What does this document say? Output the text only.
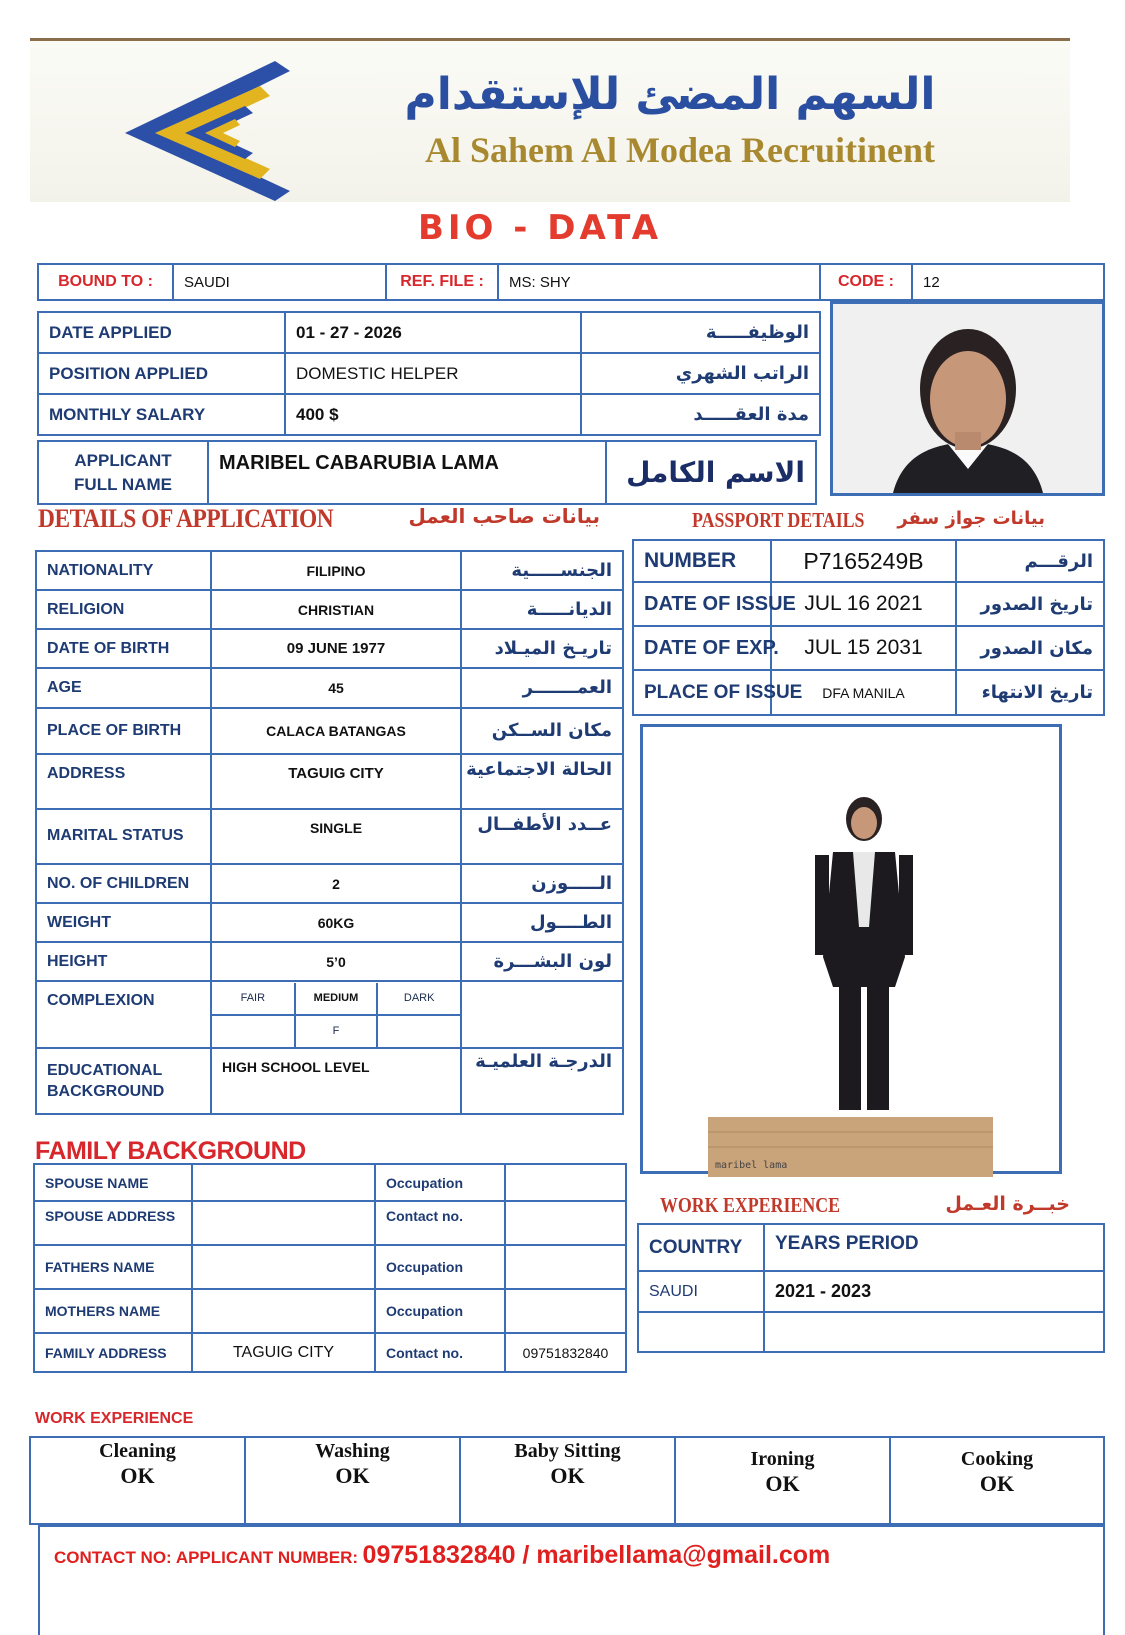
السهم المضئ للإستقدام
Al Sahem Al Modea Recruitinent
BIO - DATA
BOUND TO :	SAUDI	REF. FILE :	MS: SHY	CODE :	12
DATE APPLIED	01 - 27 - 2026	الوظيفـــــة
POSITION APPLIED	DOMESTIC HELPER	الراتب الشهري
MONTHLY SALARY	400 $	مدة العقـــــد
APPLICANT
FULL NAME
	MARIBEL CABARUBIA LAMA	الاسم الكامل
DETAILS OF APPLICATION	بيانات صاحب العمل	PASSPORT DETAILS	بيانات جواز سفر
NATIONALITY	FILIPINO	الجنســـــية
RELIGION	CHRISTIAN	الديانـــــة
DATE OF BIRTH	09 JUNE 1977	تاريـخ الميـلاد
AGE	45	العمـــــــر
PLACE OF BIRTH	CALACA BATANGAS	مكان الســكن
ADDRESS	TAGUIG CITY	الحالة الاجتماعية
MARITAL STATUS	SINGLE	عــدد الأطفــال
NO. OF CHILDREN	2	الـــــوزن
WEIGHT	60KG	الطــــول
HEIGHT	5’0	لون البشـــرة
COMPLEXION		FAIR	MEDIUM	DARK
	F	

EDUCATIONAL
BACKGROUND
	HIGH SCHOOL LEVEL	الدرجـة العلميـة
NUMBER	P7165249B	الرقـــم
DATE OF ISSUE	JUL 16 2021	تاريخ الصدور
DATE OF EXP.	JUL 15 2031	مكان الصدور
PLACE OF ISSUE	DFA MANILA	تاريخ الانتهاء
maribel lama
FAMILY BACKGROUND
SPOUSE NAME		Occupation	
SPOUSE ADDRESS		Contact no.	
FATHERS NAME		Occupation	
MOTHERS NAME		Occupation	
FAMILY ADDRESS	TAGUIG CITY	Contact no.	09751832840
WORK EXPERIENCE	خبــرة العـمل
COUNTRY	YEARS PERIOD
SAUDI	2021 - 2023

WORK EXPERIENCE
Cleaning
OK

Washing
OK

Baby Sitting
OK

Ironing
OK

Cooking
OK
CONTACT NO: APPLICANT NUMBER: 09751832840 / maribellama@gmail.com
